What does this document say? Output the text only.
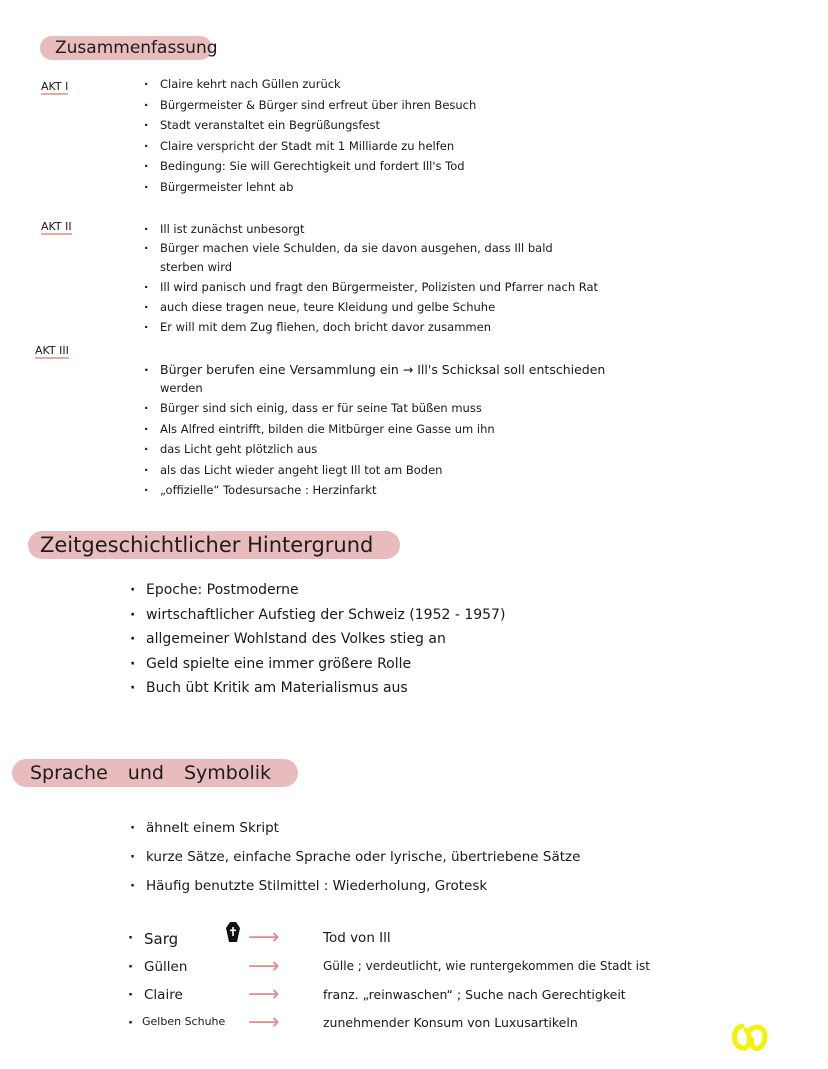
Zusammenfassung
AKT I	· Claire kehrt nach Güllen zurück
· Bürgermeister & Bürger sind erfreut über ihren Besuch
· Stadt veranstaltet ein Begrüßungsfest
· Claire verspricht der Stadt mit 1 Milliarde zu helfen
· Bedingung: Sie will Gerechtigkeit und fordert Ill's Tod
· Bürgermeister lehnt ab
AKT II	· Ill ist zunächst unbesorgt
· Bürger machen viele Schulden, da sie davon ausgehen, dass Ill bald
sterben wird
· Ill wird panisch und fragt den Bürgermeister, Polizisten und Pfarrer nach Rat
· auch diese tragen neue, teure Kleidung und gelbe Schuhe
· Er will mit dem Zug fliehen, doch bricht davor zusammen
AKT III
· Bürger berufen eine Versammlung ein → Ill's Schicksal soll entschieden
werden
· Bürger sind sich einig, dass er für seine Tat büßen muss
· Als Alfred eintrifft, bilden die Mitbürger eine Gasse um ihn
· das Licht geht plötzlich aus
· als das Licht wieder angeht liegt Ill tot am Boden
· „offizielle“ Todesursache : Herzinfarkt
Zeitgeschichtlicher Hintergrund
· Epoche: Postmoderne
· wirtschaftlicher Aufstieg der Schweiz (1952 - 1957)
· allgemeiner Wohlstand des Volkes stieg an
· Geld spielte eine immer größere Rolle
· Buch übt Kritik am Materialismus aus
Sprache und Symbolik
· ähnelt einem Skript
· kurze Sätze, einfache Sprache oder lyrische, übertriebene Sätze
· Häufig benutzte Stilmittel : Wiederholung, Grotesk
· Sarg	⟶	Tod von Ill
· Güllen	⟶	Gülle ; verdeutlicht, wie runtergekommen die Stadt ist
· Claire	⟶	franz. „reinwaschen“ ; Suche nach Gerechtigkeit
· Gelben Schuhe ⟶	zunehmender Konsum von Luxusartikeln
